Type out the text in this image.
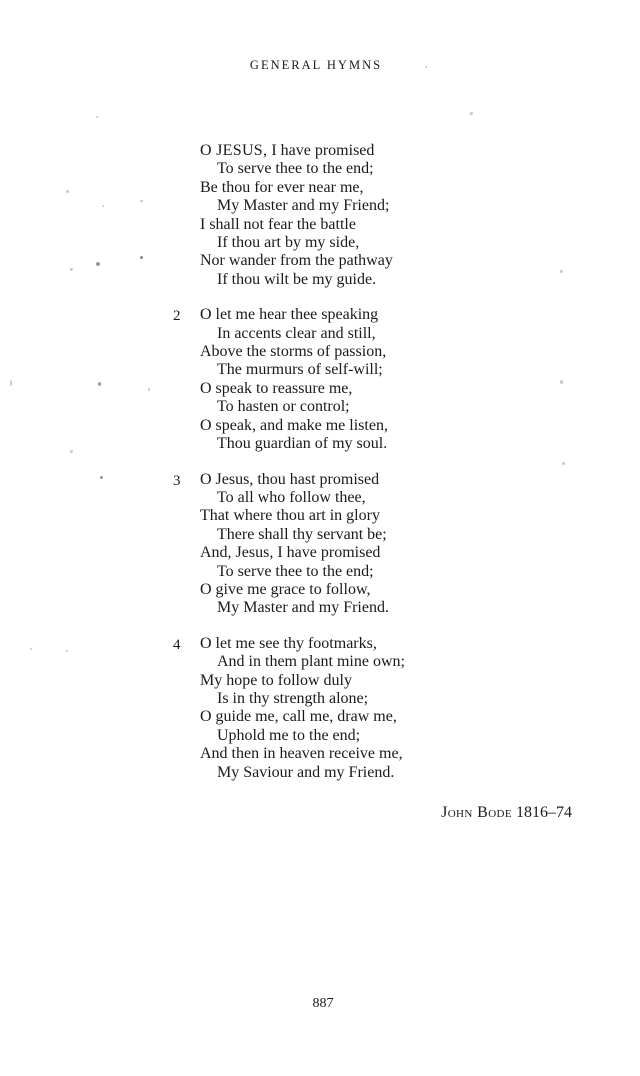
GENERAL HYMNS
O JESUS, I have promised
To serve thee to the end;
Be thou for ever near me,
My Master and my Friend;
I shall not fear the battle
If thou art by my side,
Nor wander from the pathway
If thou wilt be my guide.
2	O let me hear thee speaking
In accents clear and still,
Above the storms of passion,
The murmurs of self-will;
O speak to reassure me,
To hasten or control;
O speak, and make me listen,
Thou guardian of my soul.
3	O Jesus, thou hast promised
To all who follow thee,
That where thou art in glory
There shall thy servant be;
And, Jesus, I have promised
To serve thee to the end;
O give me grace to follow,
My Master and my Friend.
4	O let me see thy footmarks,
And in them plant mine own;
My hope to follow duly
Is in thy strength alone;
O guide me, call me, draw me,
Uphold me to the end;
And then in heaven receive me,
My Saviour and my Friend.
John Bode 1816–74
887
